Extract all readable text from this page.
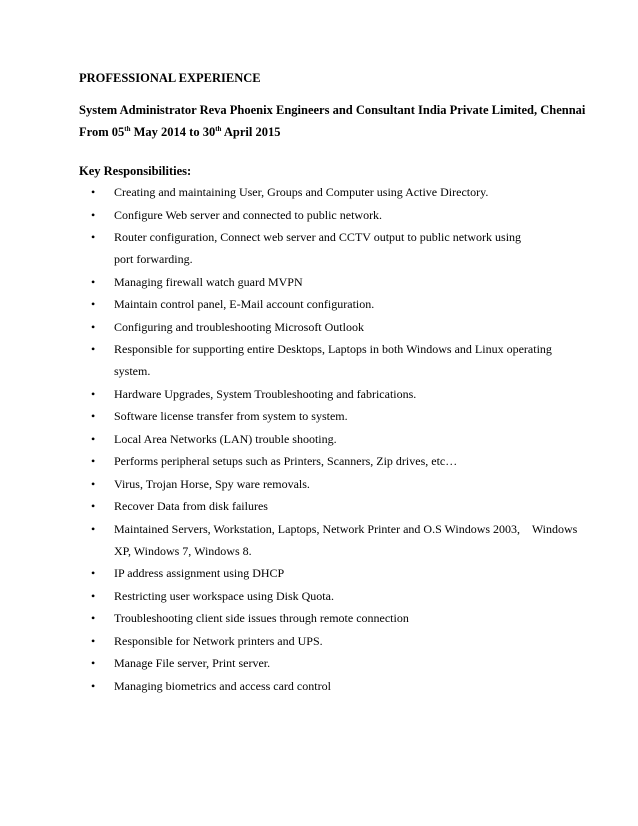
PROFESSIONAL EXPERIENCE
System Administrator Reva Phoenix Engineers and Consultant India Private Limited, Chennai
From 05th May 2014 to 30th April 2015
Key Responsibilities:
• Creating and maintaining User, Groups and Computer using Active Directory.
• Configure Web server and connected to public network.
• Router configuration, Connect web server and CCTV output to public network using
port forwarding.
• Managing firewall watch guard MVPN
• Maintain control panel, E-Mail account configuration.
• Configuring and troubleshooting Microsoft Outlook
• Responsible for supporting entire Desktops, Laptops in both Windows and Linux operating
system.
• Hardware Upgrades, System Troubleshooting and fabrications.
• Software license transfer from system to system.
• Local Area Networks (LAN) trouble shooting.
• Performs peripheral setups such as Printers, Scanners, Zip drives, etc…
• Virus, Trojan Horse, Spy ware removals.
• Recover Data from disk failures
• Maintained Servers, Workstation, Laptops, Network Printer and O.S Windows 2003,    Windows
XP, Windows 7, Windows 8.
• IP address assignment using DHCP
• Restricting user workspace using Disk Quota.
• Troubleshooting client side issues through remote connection
• Responsible for Network printers and UPS.
• Manage File server, Print server.
• Managing biometrics and access card control
